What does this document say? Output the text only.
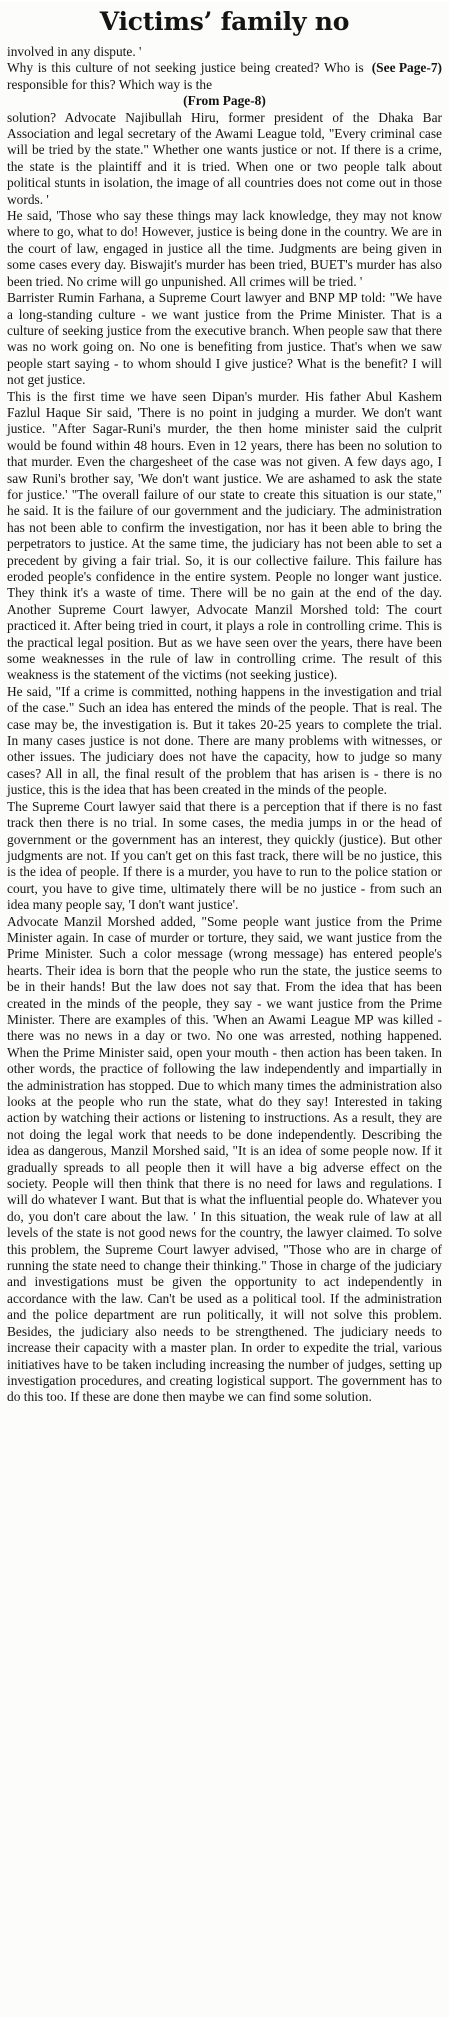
Victims’ family no

involved in any dispute. '

(See Page-7)
Why is this culture of not seeking justice being created? Who is responsible for this? Which way is the
(From Page-8)

solution? Advocate Najibullah Hiru, former president of the Dhaka Bar Association and legal secretary of the Awami League told, "Every criminal case will be tried by the state." Whether one wants justice or not. If there is a crime, the state is the plaintiff and it is tried. When one or two people talk about political stunts in isolation, the image of all countries does not come out in those words. '

He said, 'Those who say these things may lack knowledge, they may not know where to go, what to do! However, justice is being done in the country. We are in the court of law, engaged in justice all the time. Judgments are being given in some cases every day. Biswajit's murder has been tried, BUET's murder has also been tried. No crime will go unpunished. All crimes will be tried. '

Barrister Rumin Farhana, a Supreme Court lawyer and BNP MP told: "We have a long-standing culture - we want justice from the Prime Minister. That is a culture of seeking justice from the executive branch. When people saw that there was no work going on. No one is benefiting from justice. That's when we saw people start saying - to whom should I give justice? What is the benefit? I will not get justice.

This is the first time we have seen Dipan's murder. His father Abul Kashem Fazlul Haque Sir said, 'There is no point in judging a murder. We don't want justice. "After Sagar-Runi's murder, the then home minister said the culprit would be found within 48 hours. Even in 12 years, there has been no solution to that murder. Even the chargesheet of the case was not given. A few days ago, I saw Runi's brother say, 'We don't want justice. We are ashamed to ask the state for justice.' "The overall failure of our state to create this situation is our state," he said. It is the failure of our government and the judiciary. The administration has not been able to confirm the investigation, nor has it been able to bring the perpetrators to justice. At the same time, the judiciary has not been able to set a precedent by giving a fair trial. So, it is our collective failure. This failure has eroded people's confidence in the entire system. People no longer want justice. They think it's a waste of time. There will be no gain at the end of the day. Another Supreme Court lawyer, Advocate Manzil Morshed told: The court practiced it. After being tried in court, it plays a role in controlling crime. This is the practical legal position. But as we have seen over the years, there have been some weaknesses in the rule of law in controlling crime. The result of this weakness is the statement of the victims (not seeking justice).

He said, "If a crime is committed, nothing happens in the investigation and trial of the case." Such an idea has entered the minds of the people. That is real. The case may be, the investigation is. But it takes 20-25 years to complete the trial. In many cases justice is not done. There are many problems with witnesses, or other issues. The judiciary does not have the capacity, how to judge so many cases? All in all, the final result of the problem that has arisen is - there is no justice, this is the idea that has been created in the minds of the people.

The Supreme Court lawyer said that there is a perception that if there is no fast track then there is no trial. In some cases, the media jumps in or the head of government or the government has an interest, they quickly (justice). But other judgments are not. If you can't get on this fast track, there will be no justice, this is the idea of people. If there is a murder, you have to run to the police station or court, you have to give time, ultimately there will be no justice - from such an idea many people say, 'I don't want justice'.

Advocate Manzil Morshed added, "Some people want justice from the Prime Minister again. In case of murder or torture, they said, we want justice from the Prime Minister. Such a color message (wrong message) has entered people's hearts. Their idea is born that the people who run the state, the justice seems to be in their hands! But the law does not say that. From the idea that has been created in the minds of the people, they say - we want justice from the Prime Minister. There are examples of this. 'When an Awami League MP was killed - there was no news in a day or two. No one was arrested, nothing happened. When the Prime Minister said, open your mouth - then action has been taken. In other words, the practice of following the law independently and impartially in the administration has stopped. Due to which many times the administration also looks at the people who run the state, what do they say! Interested in taking action by watching their actions or listening to instructions. As a result, they are not doing the legal work that needs to be done independently. Describing the idea as dangerous, Manzil Morshed said, "It is an idea of some people now. If it gradually spreads to all people then it will have a big adverse effect on the society. People will then think that there is no need for laws and regulations. I will do whatever I want. But that is what the influential people do. Whatever you do, you don't care about the law. ' In this situation, the weak rule of law at all levels of the state is not good news for the country, the lawyer claimed. To solve this problem, the Supreme Court lawyer advised, "Those who are in charge of running the state need to change their thinking." Those in charge of the judiciary and investigations must be given the opportunity to act independently in accordance with the law. Can't be used as a political tool. If the administration and the police department are run politically, it will not solve this problem. Besides, the judiciary also needs to be strengthened. The judiciary needs to increase their capacity with a master plan. In order to expedite the trial, various initiatives have to be taken including increasing the number of judges, setting up investigation procedures, and creating logistical support. The government has to do this too. If these are done then maybe we can find some solution.
